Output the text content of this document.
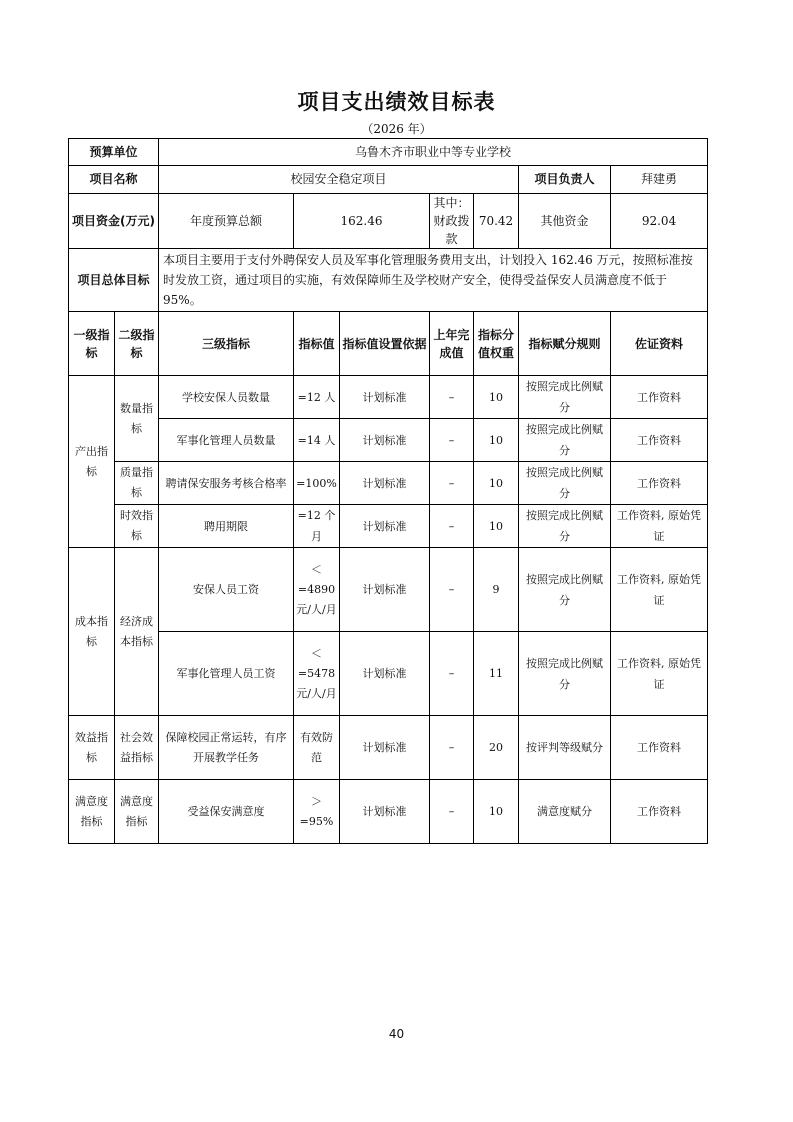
项目支出绩效目标表
（2026 年）
预算单位		乌鲁木齐市职业中等专业学校						
项目名称		校园安全稳定项目					项目负责人	拜建勇
项目资金(万元)		年度预算总额	162.46		其中：财政拨款	70.42	其他资金	92.04
项目总体目标		本项目主要用于支付外聘保安人员及军事化管理服务费用支出，计划投入 162.46 万元，按照标准按时发放工资，通过项目的实施，有效保障师生及学校财产安全，使得受益保安人员满意度不低于 95%。						
一级指标	二级指标	三级指标	指标值	指标值设置依据	上年完成值	指标分值权重	指标赋分规则	佐证资料
产出指标	数量指标	学校安保人员数量	=12 人	计划标准	–	10	按照完成比例赋分	工作资料
		军事化管理人员数量	=14 人	计划标准	–	10	按照完成比例赋分	工作资料
	质量指标	聘请保安服务考核合格率	=100%	计划标准	–	10	按照完成比例赋分	工作资料
	时效指标	聘用期限	=12 个月	计划标准	–	10	按照完成比例赋分	工作资料, 原始凭证
成本指标	经济成本指标	安保人员工资	＜=4890 元/人/月	计划标准	–	9	按照完成比例赋分	工作资料, 原始凭证
		军事化管理人员工资	＜=5478 元/人/月	计划标准	–	11	按照完成比例赋分	工作资料, 原始凭证
效益指标	社会效益指标	保障校园正常运转，有序开展教学任务	有效防范	计划标准	–	20	按评判等级赋分	工作资料
满意度指标	满意度指标	受益保安满意度	＞=95%	计划标准	–	10	满意度赋分	工作资料
40
